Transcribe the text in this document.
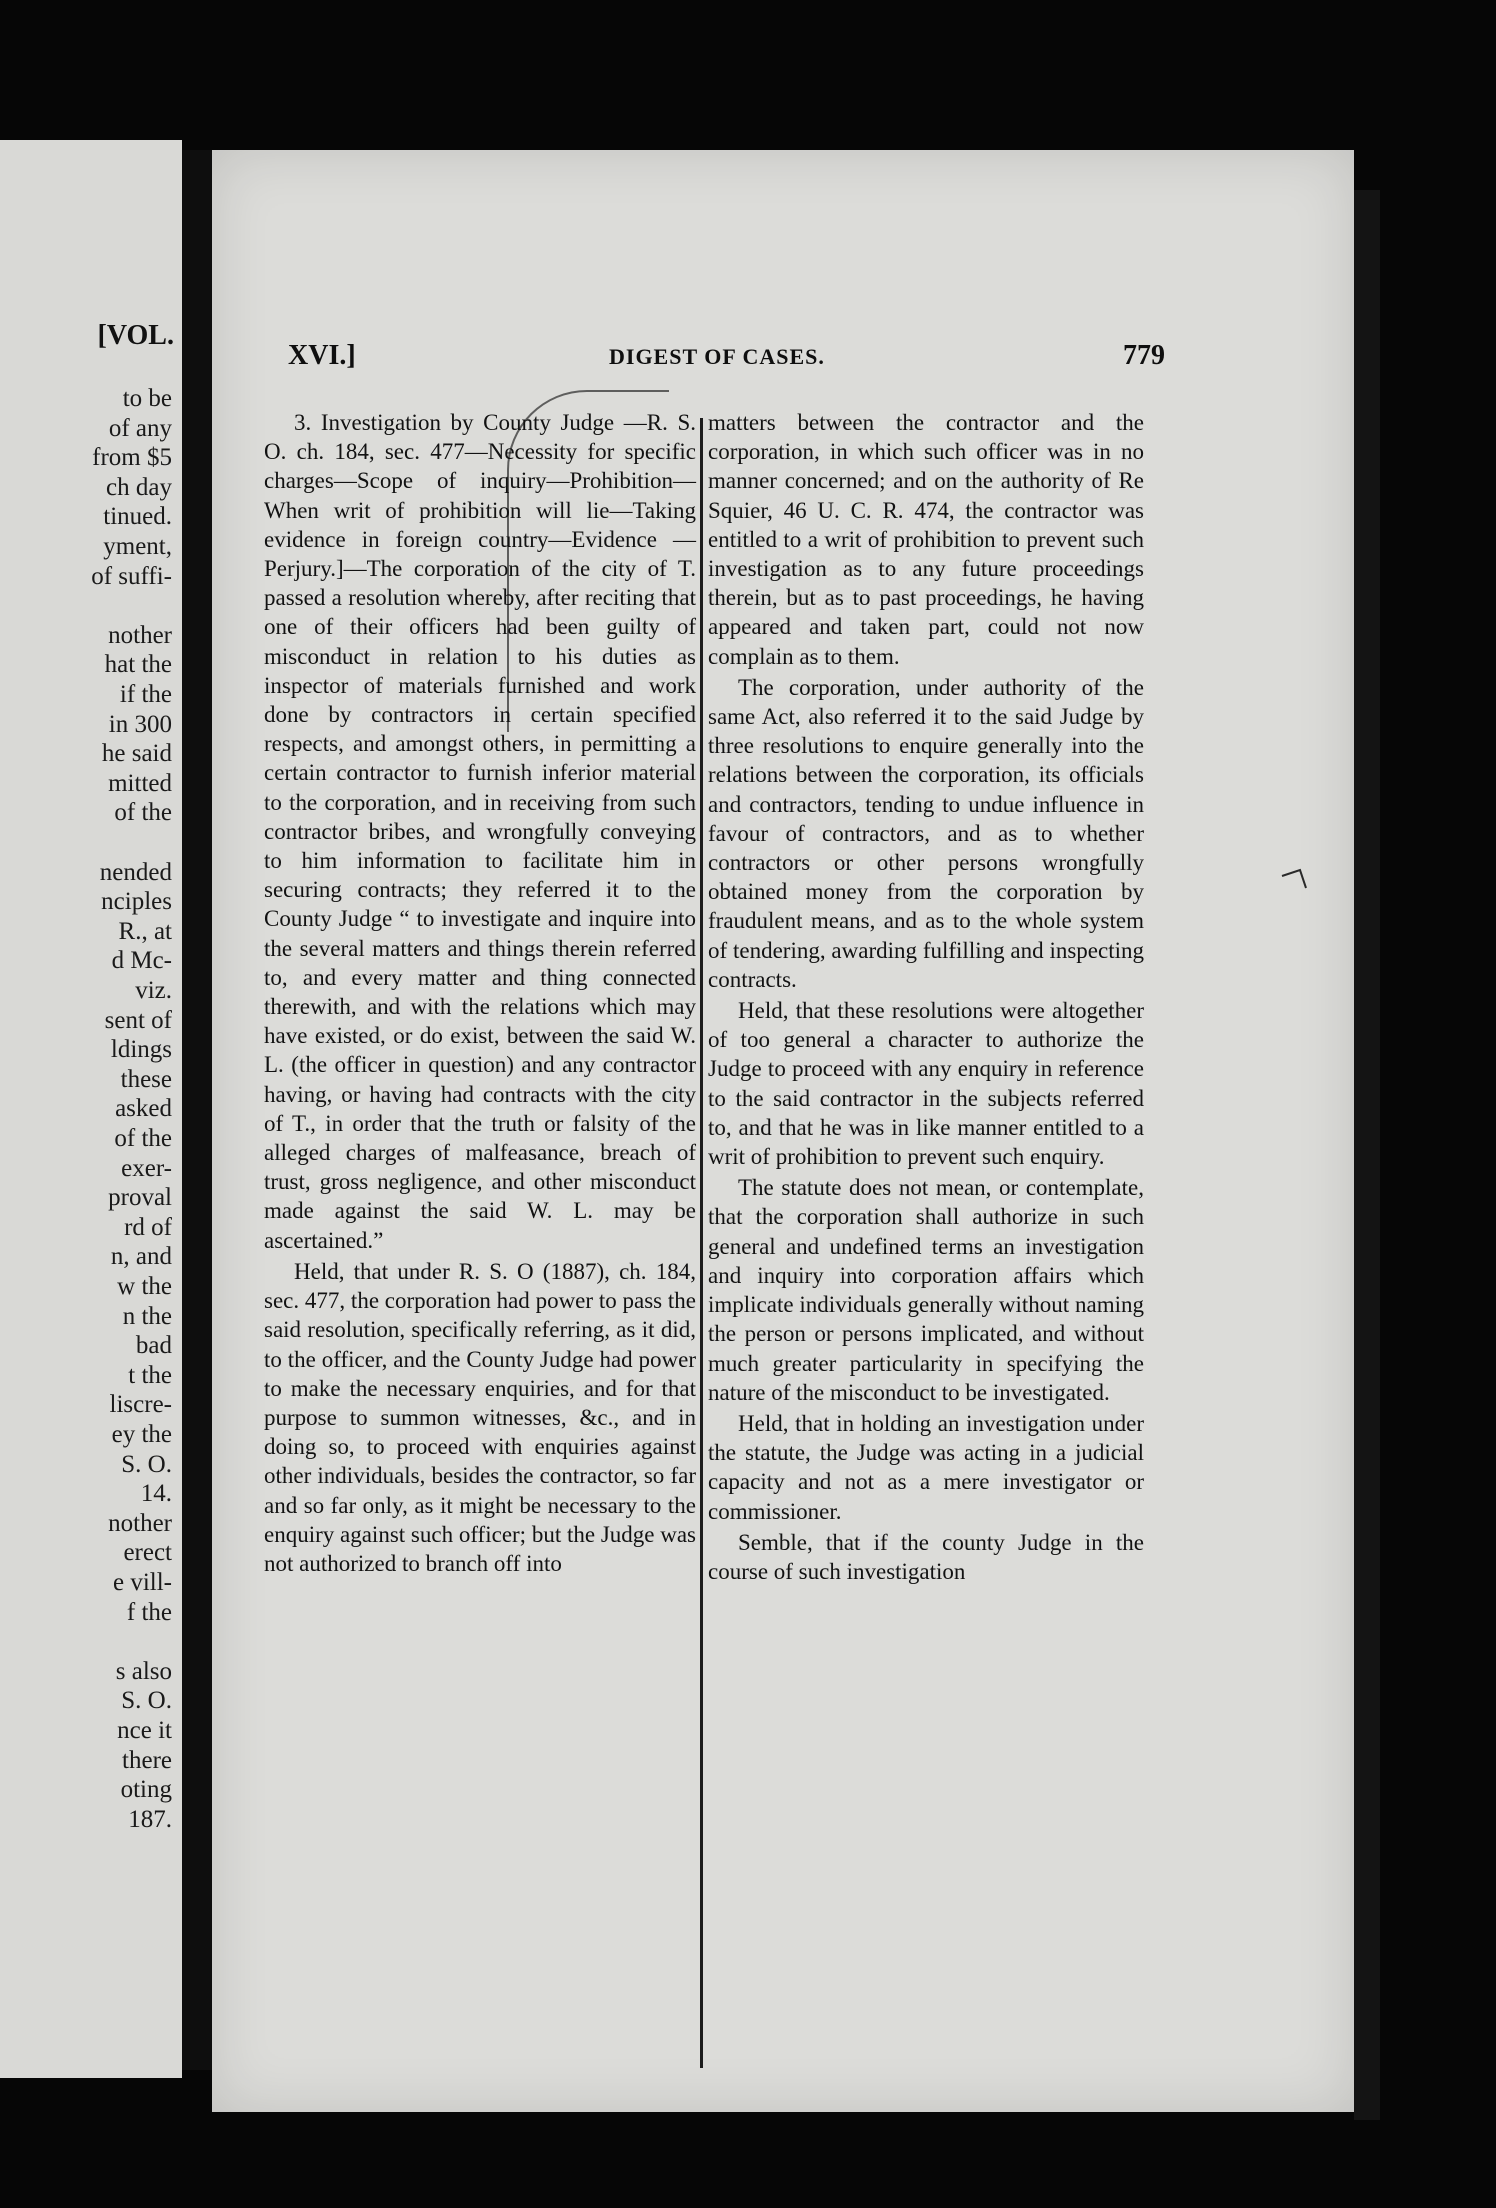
[VOL.
to be
of any
from $5
ch day
tinued.
yment,
of suffi-
nother
hat the
if the
in 300
he said
mitted
of the
nended
nciples
R., at
d Mc-
viz.
sent of
ldings
these
asked
of the
exer-
proval
rd of
n, and
w the
n the
bad
t the
liscre-
ey the
S. O.
14.
nother
erect
e vill-
f the
s also
S. O.
nce it
there
oting
187.
XVI.]	DIGEST OF CASES.	779

3. Investigation by County Judge —R. S. O. ch. 184, sec. 477—Necessity for specific charges—Scope of inquiry—Prohibition—When writ of prohibition will lie—Taking evidence in foreign country—Evidence —Perjury.]—The corporation of the city of T. passed a resolution whereby, after reciting that one of their officers had been guilty of misconduct in relation to his duties as inspector of materials furnished and work done by contractors in certain specified respects, and amongst others, in permitting a certain contractor to furnish inferior material to the corporation, and in receiving from such contractor bribes, and wrongfully conveying to him information to facilitate him in securing contracts; they referred it to the County Judge “ to investigate and inquire into the several matters and things therein referred to, and every matter and thing connected therewith, and with the relations which may have existed, or do exist, between the said W. L. (the officer in question) and any contractor having, or having had contracts with the city of T., in order that the truth or falsity of the alleged charges of malfeasance, breach of trust, gross negligence, and other misconduct made against the said W. L. may be ascertained.”

Held, that under R. S. O (1887), ch. 184, sec. 477, the corporation had power to pass the said resolution, specifically referring, as it did, to the officer, and the County Judge had power to make the necessary enquiries, and for that purpose to summon witnesses, &c., and in doing so, to proceed with enquiries against other individuals, besides the contractor, so far and so far only, as it might be necessary to the enquiry against such officer; but the Judge was not authorized to branch off into

matters between the contractor and the corporation, in which such officer was in no manner concerned; and on the authority of Re Squier, 46 U. C. R. 474, the contractor was entitled to a writ of prohibition to prevent such investigation as to any future proceedings therein, but as to past proceedings, he having appeared and taken part, could not now complain as to them.

The corporation, under authority of the same Act, also referred it to the said Judge by three resolutions to enquire generally into the relations between the corporation, its officials and contractors, tending to undue influence in favour of contractors, and as to whether contractors or other persons wrongfully obtained money from the corporation by fraudulent means, and as to the whole system of tendering, awarding fulfilling and inspecting contracts.

Held, that these resolutions were altogether of too general a character to authorize the Judge to proceed with any enquiry in reference to the said contractor in the subjects referred to, and that he was in like manner entitled to a writ of prohibition to prevent such enquiry.

The statute does not mean, or contemplate, that the corporation shall authorize in such general and undefined terms an investigation and inquiry into corporation affairs which implicate individuals generally without naming the person or persons implicated, and without much greater particularity in specifying the nature of the misconduct to be investigated.

Held, that in holding an investigation under the statute, the Judge was acting in a judicial capacity and not as a mere investigator or commissioner.

Semble, that if the county Judge in the course of such investigation
